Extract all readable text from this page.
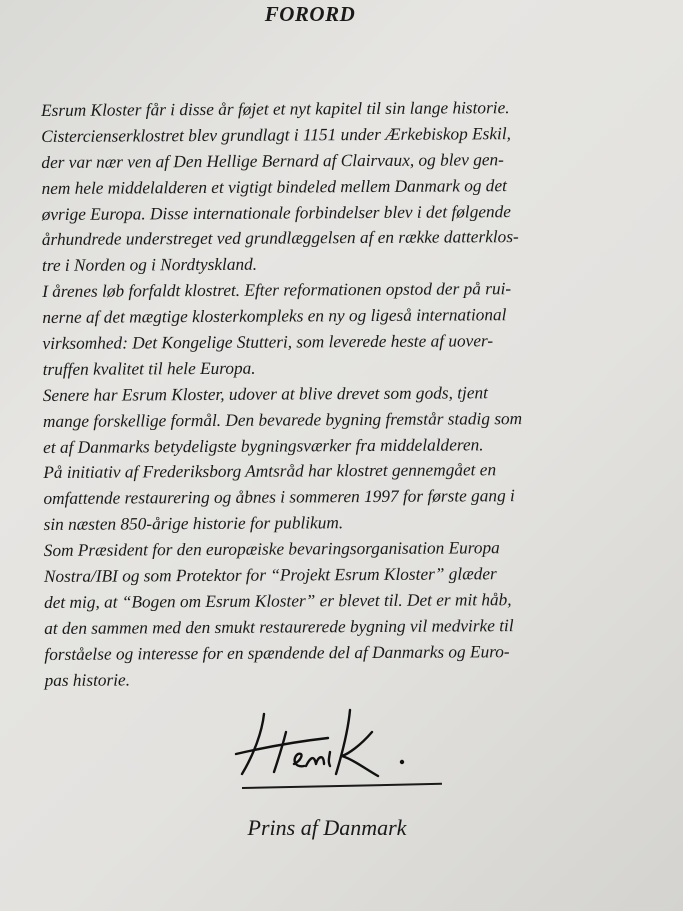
FORORD
Esrum Kloster får i disse år føjet et nyt kapitel til sin lange historie.
Cistercienserklostret blev grundlagt i 1151 under Ærkebiskop Eskil,
der var nær ven af Den Hellige Bernard af Clairvaux, og blev gen-
nem hele middelalderen et vigtigt bindeled mellem Danmark og det
øvrige Europa. Disse internationale forbindelser blev i det følgende
århundrede understreget ved grundlæggelsen af en række datterklos-
tre i Norden og i Nordtyskland.
I årenes løb forfaldt klostret. Efter reformationen opstod der på rui-
nerne af det mægtige klosterkompleks en ny og ligeså international
virksomhed: Det Kongelige Stutteri, som leverede heste af uover-
truffen kvalitet til hele Europa.
Senere har Esrum Kloster, udover at blive drevet som gods, tjent
mange forskellige formål. Den bevarede bygning fremstår stadig som
et af Danmarks betydeligste bygningsværker fra middelalderen.
På initiativ af Frederiksborg Amtsråd har klostret gennemgået en
omfattende restaurering og åbnes i sommeren 1997 for første gang i
sin næsten 850-årige historie for publikum.
Som Præsident for den europæiske bevaringsorganisation Europa
Nostra/IBI og som Protektor for “Projekt Esrum Kloster” glæder
det mig, at “Bogen om Esrum Kloster” er blevet til. Det er mit håb,
at den sammen med den smukt restaurerede bygning vil medvirke til
forståelse og interesse for en spændende del af Danmarks og Euro-
pas historie.

Prins af Danmark
